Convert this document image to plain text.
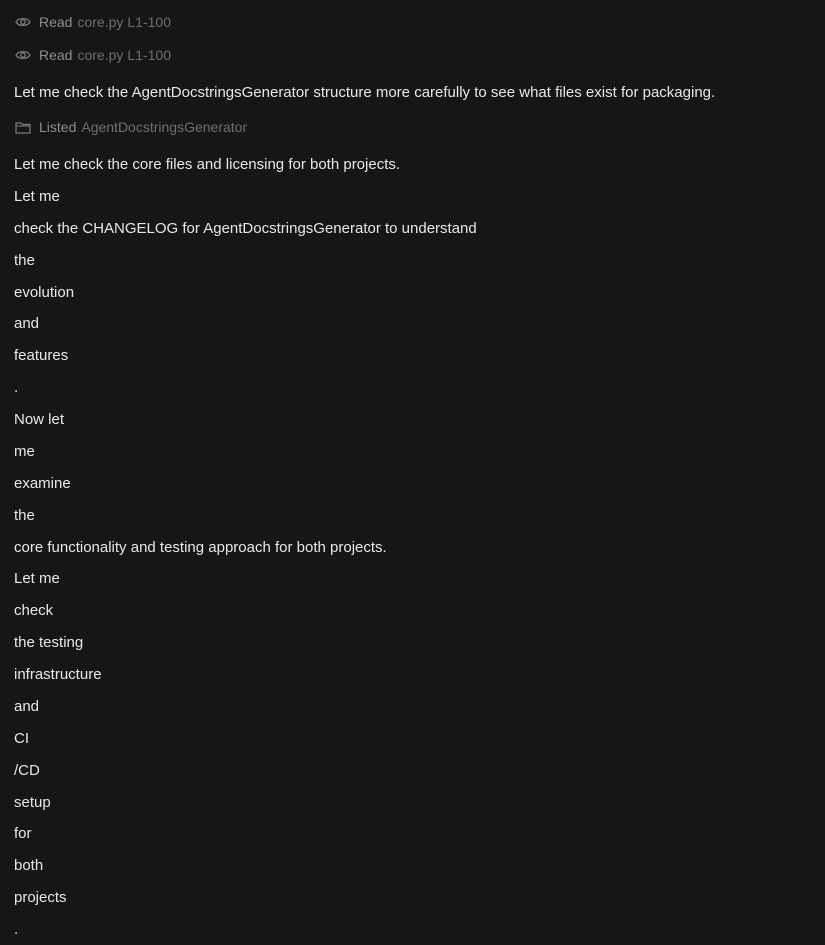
Read core.py L1-100
Read core.py L1-100
Let me check the AgentDocstringsGenerator structure more carefully to see what files exist for packaging.
Listed AgentDocstringsGenerator
Let me check the core files and licensing for both projects.
Let me
check the CHANGELOG for AgentDocstringsGenerator to understand
the
evolution
and
features
.
Now let
me
examine
the
core functionality and testing approach for both projects.
Let me
check
the testing
infrastructure
and
CI
/CD
setup
for
both
projects
.
